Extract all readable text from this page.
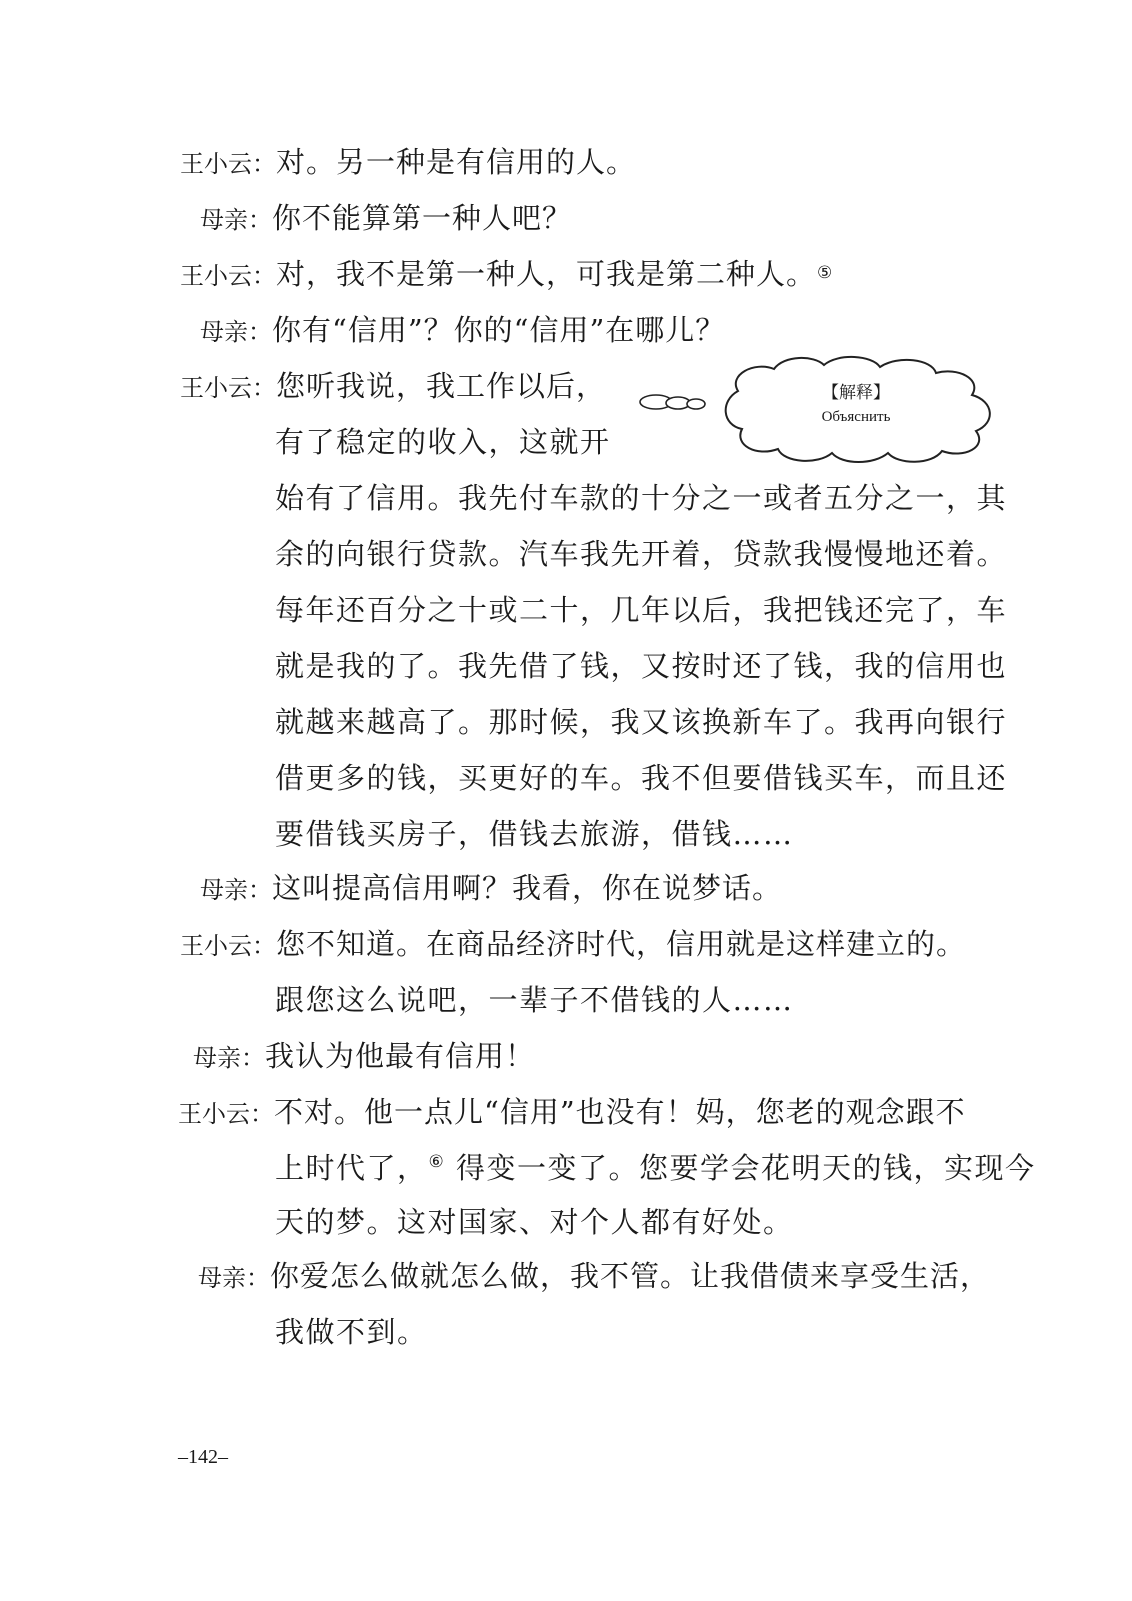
王小云：对。另一种是有信用的人。
母亲：你不能算第一种人吧？
王小云：对，我不是第一种人，可我是第二种人。⑤
母亲：你有“信用”？你的“信用”在哪儿？
王小云：您听我说，我工作以后，
有了稳定的收入，这就开
始有了信用。我先付车款的十分之一或者五分之一，其
余的向银行贷款。汽车我先开着，贷款我慢慢地还着。
每年还百分之十或二十，几年以后，我把钱还完了，车
就是我的了。我先借了钱，又按时还了钱，我的信用也
就越来越高了。那时候，我又该换新车了。我再向银行
借更多的钱，买更好的车。我不但要借钱买车，而且还
要借钱买房子，借钱去旅游，借钱……
母亲：这叫提高信用啊？我看，你在说梦话。
王小云：您不知道。在商品经济时代，信用就是这样建立的。
跟您这么说吧，一辈子不借钱的人……
母亲：我认为他最有信用！
王小云：不对。他一点儿“信用”也没有！妈，您老的观念跟不
上时代了，⑥ 得变一变了。您要学会花明天的钱，实现今
天的梦。这对国家、对个人都有好处。
母亲：你爱怎么做就怎么做，我不管。让我借债来享受生活，
我做不到。
【解释】
Объяснить
–142–
